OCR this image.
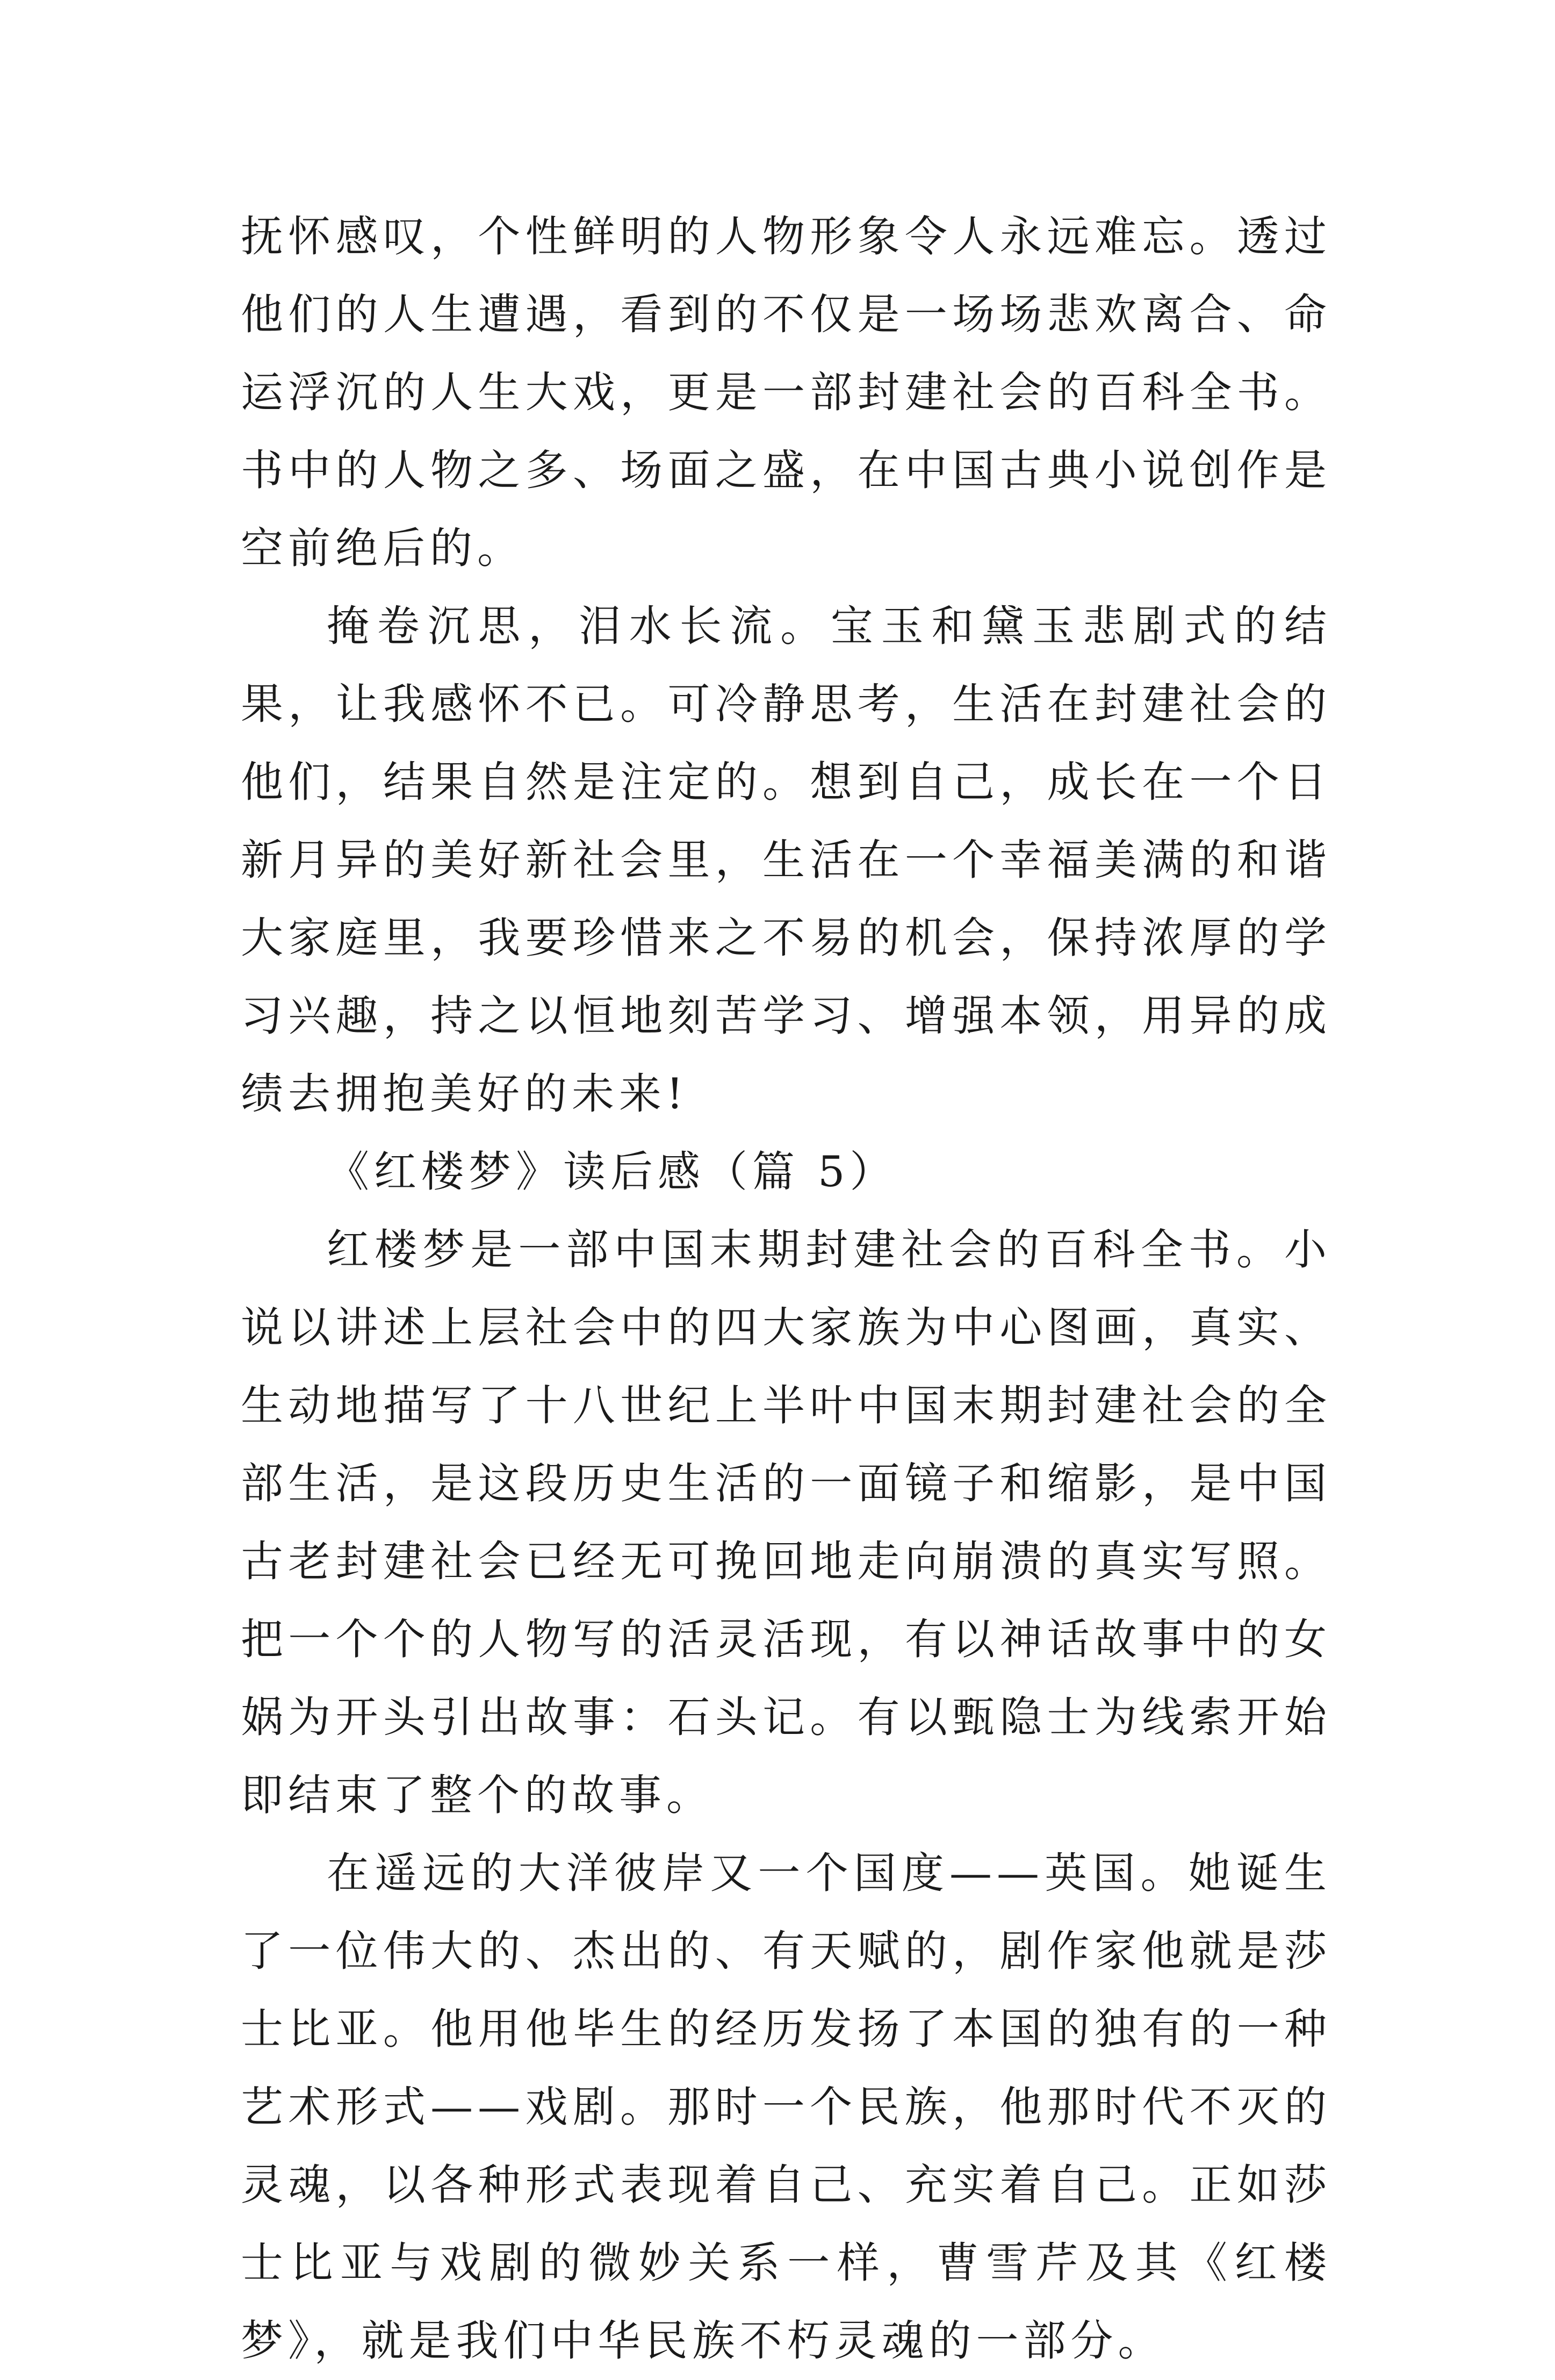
抚怀感叹，个性鲜明的人物形象令人永远难忘。透过他们的人生遭遇，看到的不仅是一场场悲欢离合、命运浮沉的人生大戏，更是一部封建社会的百科全书。书中的人物之多、场面之盛，在中国古典小说创作是空前绝后的。

掩卷沉思，泪水长流。宝玉和黛玉悲剧式的结果，让我感怀不已。可冷静思考，生活在封建社会的他们，结果自然是注定的。想到自己，成长在一个日新月异的美好新社会里，生活在一个幸福美满的和谐大家庭里，我要珍惜来之不易的机会，保持浓厚的学习兴趣，持之以恒地刻苦学习、增强本领，用异的成绩去拥抱美好的未来!

《红楼梦》读后感（篇 5）

红楼梦是一部中国末期封建社会的百科全书。小说以讲述上层社会中的四大家族为中心图画，真实、生动地描写了十八世纪上半叶中国末期封建社会的全部生活，是这段历史生活的一面镜子和缩影，是中国古老封建社会已经无可挽回地走向崩溃的真实写照。把一个个的人物写的活灵活现，有以神话故事中的女娲为开头引出故事：石头记。有以甄隐士为线索开始即结束了整个的故事。

在遥远的大洋彼岸又一个国度——英国。她诞生了一位伟大的、杰出的、有天赋的，剧作家他就是莎士比亚。他用他毕生的经历发扬了本国的独有的一种艺术形式——戏剧。那时一个民族，他那时代不灭的灵魂，以各种形式表现着自己、充实着自己。正如莎士比亚与戏剧的微妙关系一样，曹雪芹及其《红楼梦》，就是我们中华民族不朽灵魂的一部分。
